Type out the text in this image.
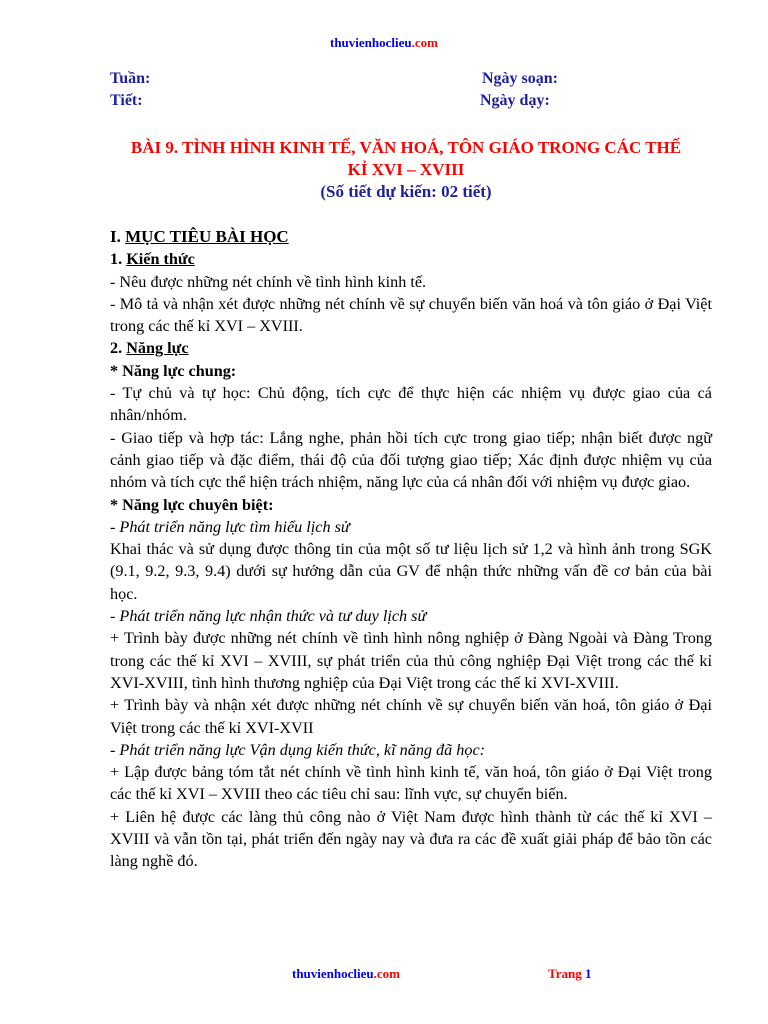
thuvienhoclieu.com
Tuần:
Tiết:
Ngày soạn:
Ngày dạy:
BÀI 9. TÌNH HÌNH KINH TẾ, VĂN HOÁ, TÔN GIÁO TRONG CÁC THẾ
KỈ XVI – XVIII
(Số tiết dự kiến: 02 tiết)

I. MỤC TIÊU BÀI HỌC

1. Kiến thức

- Nêu được những nét chính về tình hình kinh tế.

- Mô tả và nhận xét được những nét chính về sự chuyển biến văn hoá và tôn giáo ở Đại Việt trong các thế kỉ XVI – XVIII.

2. Năng lực

* Năng lực chung:

- Tự chủ và tự học: Chủ động, tích cực để thực hiện các nhiệm vụ được giao của cá nhân/nhóm.

- Giao tiếp và hợp tác: Lắng nghe, phản hồi tích cực trong giao tiếp; nhận biết được ngữ cảnh giao tiếp và đặc điểm, thái độ của đối tượng giao tiếp; Xác định được nhiệm vụ của nhóm và tích cực thể hiện trách nhiệm, năng lực của cá nhân đối với nhiệm vụ được giao.

* Năng lực chuyên biệt:

- Phát triển năng lực tìm hiểu lịch sử

Khai thác và sử dụng được thông tin của một số tư liệu lịch sử 1,2 và hình ảnh trong SGK (9.1, 9.2, 9.3, 9.4) dưới sự hướng dẫn của GV để nhận thức những vấn đề cơ bản của bài học.

- Phát triển năng lực nhận thức và tư duy lịch sử

+ Trình bày được những nét chính về tình hình nông nghiệp ở Đàng Ngoài và Đàng Trong trong các thế kỉ XVI – XVIII, sự phát triển của thủ công nghiệp Đại Việt trong các thế kỉ XVI-XVIII, tình hình thương nghiệp của Đại Việt trong các thế kỉ XVI-XVIII.

+ Trình bày và nhận xét được những nét chính về sự chuyển biến văn hoá, tôn giáo ở Đại Việt trong các thế kỉ XVI-XVII

- Phát triển năng lực Vận dụng kiến thức, kĩ năng đã học:

+ Lập được bảng tóm tắt nét chính về tình hình kinh tế, văn hoá, tôn giáo ở Đại Việt trong các thế kỉ XVI – XVIII theo các tiêu chỉ sau: lĩnh vực, sự chuyển biến.

+ Liên hệ được các làng thủ công nào ở Việt Nam được hình thành từ các thế kỉ XVI – XVIII và vẫn tồn tại, phát triển đến ngày nay và đưa ra các đề xuất giải pháp để bảo tồn các làng nghề đó.

thuvienhoclieu.com	Trang 1
